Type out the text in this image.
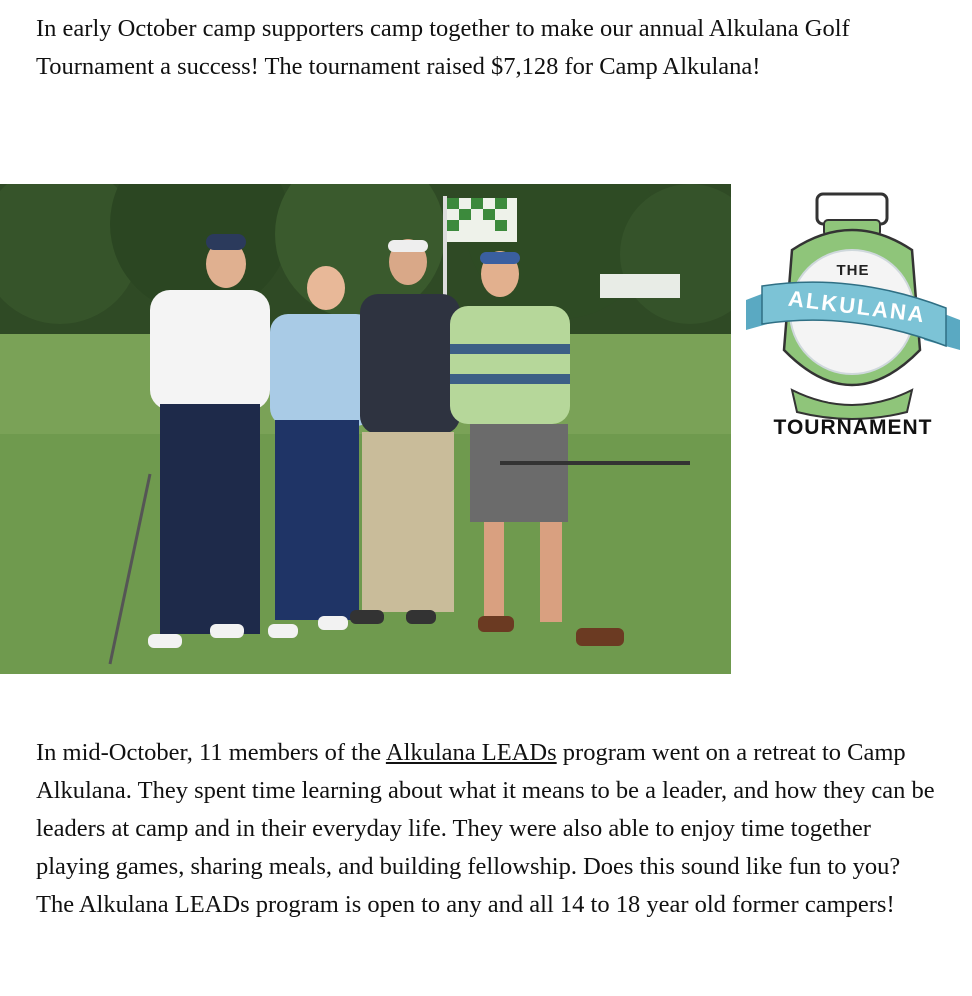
In early October camp supporters camp together to make our annual Alkulana Golf Tournament a success! The tournament raised $7,128 for Camp Alkulana!

THE
ALKULANA
GOLF
TOURNAMENT

In mid-October, 11 members of the Alkulana LEADs program went on a retreat to Camp Alkulana. They spent time learning about what it means to be a leader, and how they can be leaders at camp and in their everyday life. They were also able to enjoy time together playing games, sharing meals, and building fellowship. Does this sound like fun to you? The Alkulana LEADs program is open to any and all 14 to 18 year old former campers!
